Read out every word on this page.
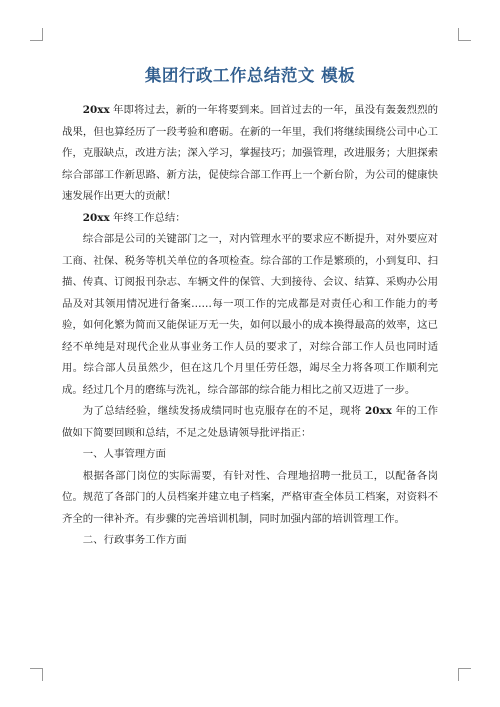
集团行政工作总结范文 模板

20xx 年即将过去，新的一年将要到来。回首过去的一年，虽没有轰轰烈烈的战果，但也算经历了一段考验和磨砺。在新的一年里，我们将继续围绕公司中心工作，克服缺点，改进方法；深入学习，掌握技巧；加强管理，改进服务；大胆探索综合部部工作新思路、新方法，促使综合部工作再上一个新台阶，为公司的健康快速发展作出更大的贡献！

20xx 年终工作总结：

综合部是公司的关键部门之一，对内管理水平的要求应不断提升，对外要应对工商、社保、税务等机关单位的各项检查。综合部的工作是繁琐的，小到复印、扫描、传真、订阅报刊杂志、车辆文件的保管、大到接待、会议、结算、采购办公用品及对其领用情况进行备案……每一项工作的完成都是对责任心和工作能力的考验，如何化繁为简而又能保证万无一失，如何以最小的成本换得最高的效率，这已经不单纯是对现代企业从事业务工作人员的要求了，对综合部工作人员也同时适用。综合部人员虽然少，但在这几个月里任劳任怨，竭尽全力将各项工作顺利完成。经过几个月的磨练与洗礼，综合部部的综合能力相比之前又迈进了一步。

为了总结经验，继续发扬成绩同时也克服存在的不足，现将 20xx 年的工作做如下简要回顾和总结，不足之处恳请领导批评指正：

一、人事管理方面

根据各部门岗位的实际需要，有针对性、合理地招聘一批员工，以配备各岗位。规范了各部门的人员档案并建立电子档案，严格审查全体员工档案，对资料不齐全的一律补齐。有步骤的完善培训机制，同时加强内部的培训管理工作。

二、行政事务工作方面
